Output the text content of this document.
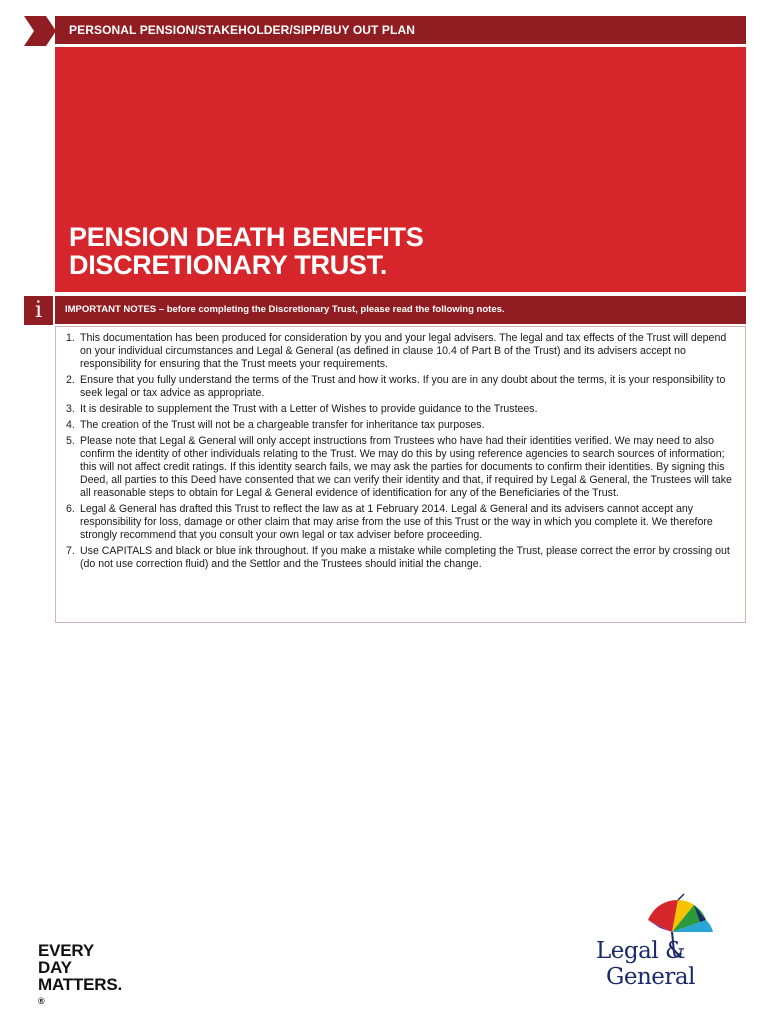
PERSONAL PENSION/STAKEHOLDER/SIPP/BUY OUT PLAN
PENSION DEATH BENEFITS
DISCRETIONARY TRUST.
i	IMPORTANT NOTES – before completing the Discretionary Trust, please read the following notes.
1. This documentation has been produced for consideration by you and your legal advisers. The legal and tax effects of the Trust will depend on your individual circumstances and Legal & General (as defined in clause 10.4 of Part B of the Trust) and its advisers accept no responsibility for ensuring that the Trust meets your requirements.
2. Ensure that you fully understand the terms of the Trust and how it works. If you are in any doubt about the terms, it is your responsibility to seek legal or tax advice as appropriate.
3. It is desirable to supplement the Trust with a Letter of Wishes to provide guidance to the Trustees.
4. The creation of the Trust will not be a chargeable transfer for inheritance tax purposes.
5. Please note that Legal & General will only accept instructions from Trustees who have had their identities verified. We may need to also confirm the identity of other individuals relating to the Trust. We may do this by using reference agencies to search sources of information; this will not affect credit ratings. If this identity search fails, we may ask the parties for documents to confirm their identities. By signing this Deed, all parties to this Deed have consented that we can verify their identity and that, if required by Legal & General, the Trustees will take all reasonable steps to obtain for Legal & General evidence of identification for any of the Beneficiaries of the Trust.
6. Legal & General has drafted this Trust to reflect the law as at 1 February 2014. Legal & General and its advisers cannot accept any responsibility for loss, damage or other claim that may arise from the use of this Trust or the way in which you complete it. We therefore strongly recommend that you consult your own legal or tax adviser before proceeding.
7. Use CAPITALS and black or blue ink throughout. If you make a mistake while completing the Trust, please correct the error by crossing out (do not use correction fluid) and the Settlor and the Trustees should initial the change.
EVERY
DAY
MATTERS.
®
Legal &
General
